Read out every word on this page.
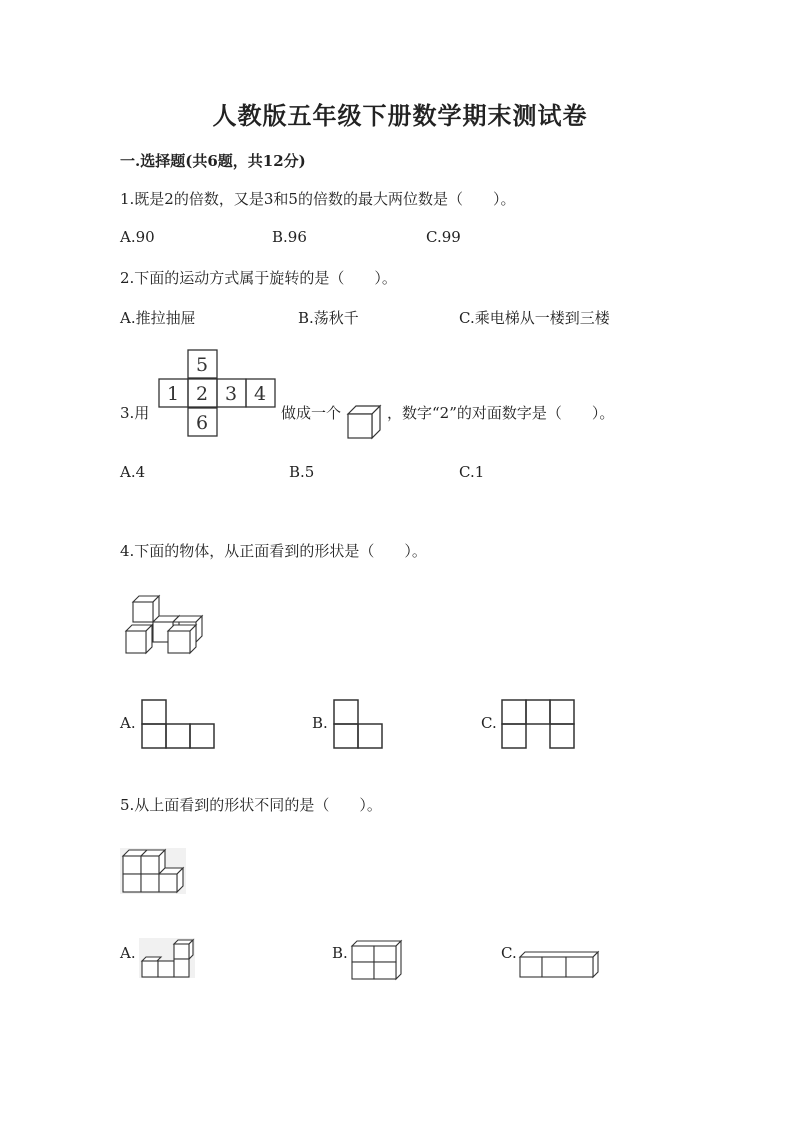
人教版五年级下册数学期末测试卷
一.选择题(共6题，共12分)
1.既是2的倍数，又是3和5的倍数的最大两位数是（　　）。
A.90	B.96	C.99
2.下面的运动方式属于旋转的是（　　）。
A.推拉抽屉	B.荡秋千	C.乘电梯从一楼到三楼
3.用
5
1 2 3 4
6	做成一个	，数字“2”的对面数字是（　　）。
A.4	B.5	C.1
4.下面的物体，从正面看到的形状是（　　）。
A.	B.	C.
5.从上面看到的形状不同的是（　　）。
A.	B.	C.
